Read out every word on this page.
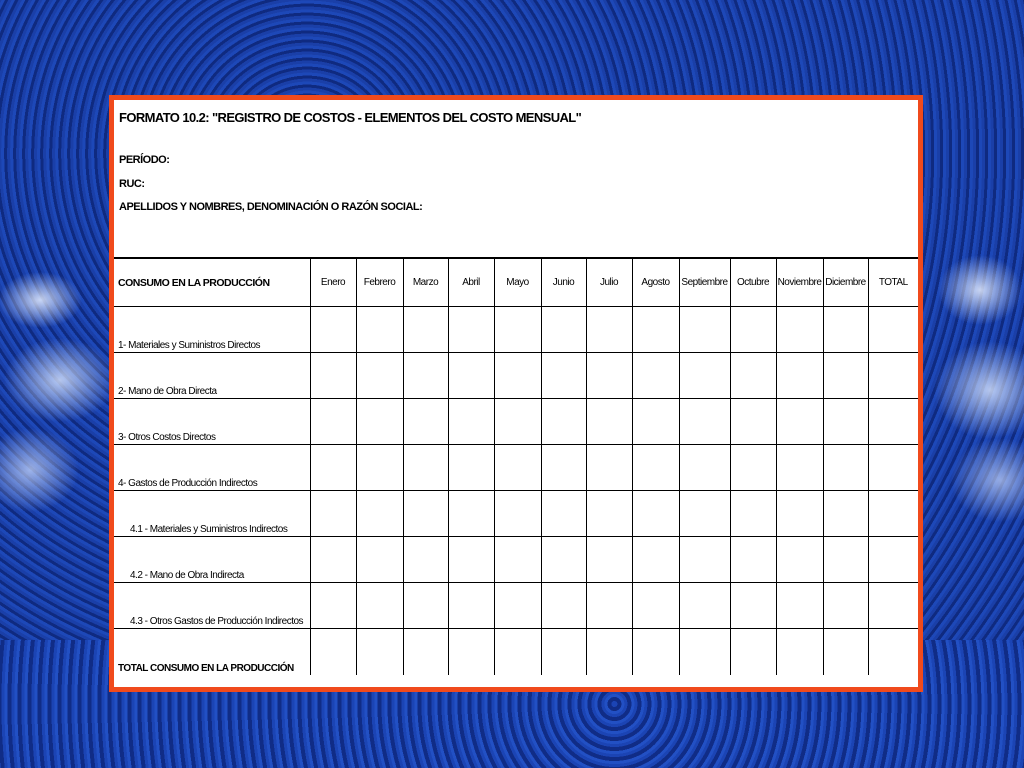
FORMATO 10.2: "REGISTRO DE COSTOS - ELEMENTOS DEL COSTO MENSUAL"
PERÍODO:
RUC:
APELLIDOS Y NOMBRES, DENOMINACIÓN O RAZÓN SOCIAL:
CONSUMO EN LA PRODUCCIÓN	Enero	Febrero	Marzo	Abril	Mayo	Junio	Julio	Agosto	Septiembre	Octubre	Noviembre	Diciembre	TOTAL
1- Materiales y Suministros Directos													
2- Mano de Obra Directa													
3- Otros Costos Directos													
4- Gastos de Producción Indirectos													
4.1 - Materiales y Suministros Indirectos													
4.2 - Mano de Obra Indirecta													
4.3 - Otros Gastos de Producción Indirectos													
TOTAL CONSUMO EN LA PRODUCCIÓN													
